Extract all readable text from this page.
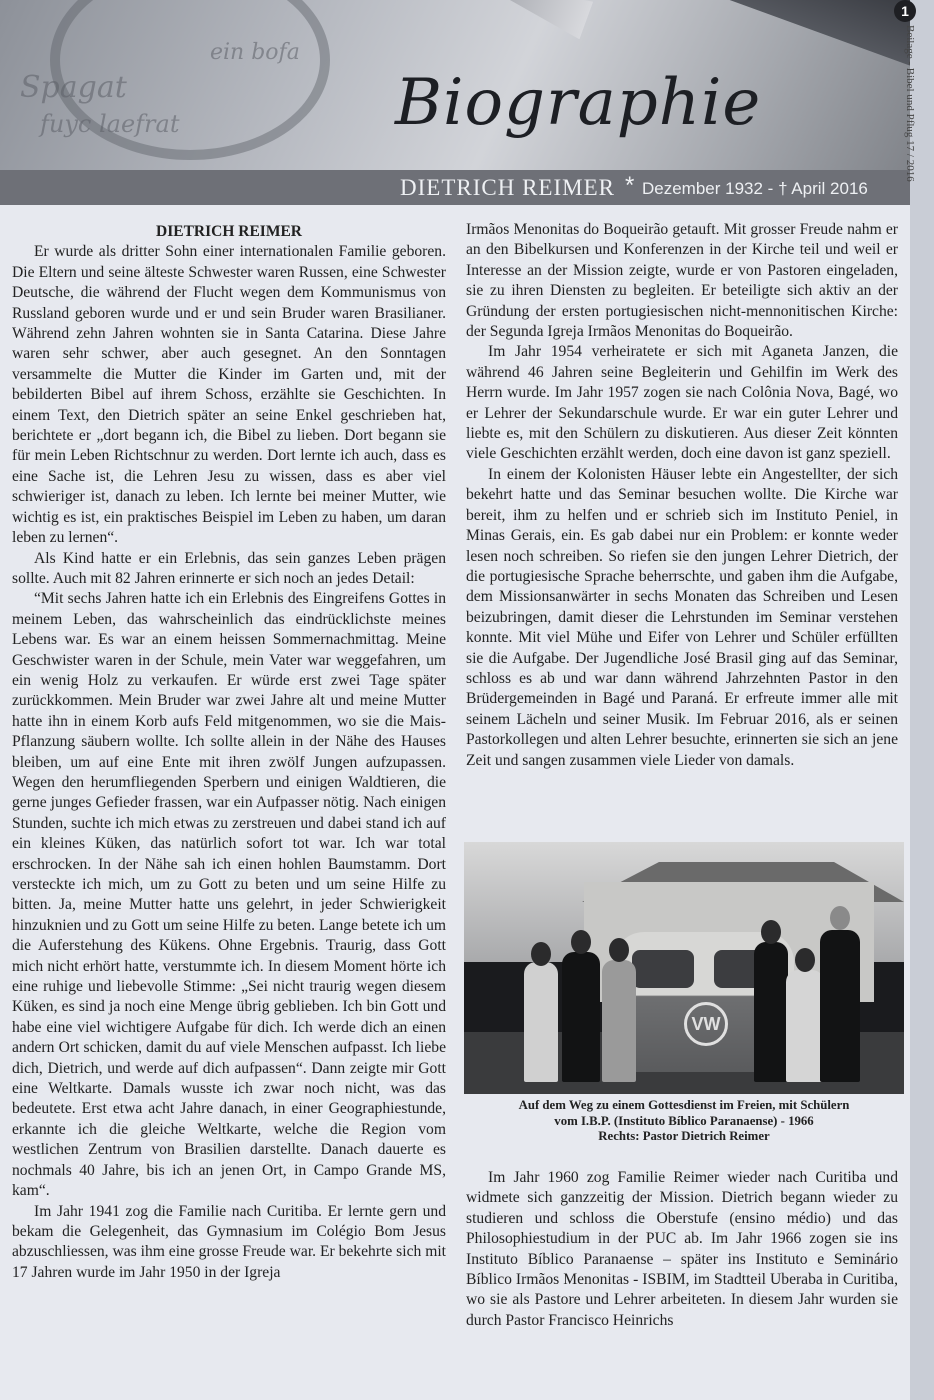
Spagat
fuyc laefrat
ein bofa
Biographie
DIETRICH REIMER * Dezember 1932 - † April 2016
DIETRICH REIMER

Er wurde als dritter Sohn einer internationalen Familie geboren. Die Eltern und seine älteste Schwester waren Russen, eine Schwester Deutsche, die während der Flucht wegen dem Kommunismus von Russland geboren wurde und er und sein Bruder waren Brasilianer. Während zehn Jahren wohnten sie in Santa Catarina. Diese Jahre waren sehr schwer, aber auch gesegnet. An den Sonntagen versammelte die Mutter die Kinder im Garten und, mit der bebilderten Bibel auf ihrem Schoss, erzählte sie Geschichten. In einem Text, den Dietrich später an seine Enkel geschrieben hat, berichtete er „dort begann ich, die Bibel zu lieben. Dort begann sie für mein Leben Richtschnur zu werden. Dort lernte ich auch, dass es eine Sache ist, die Lehren Jesu zu wissen, dass es aber viel schwieriger ist, danach zu leben. Ich lernte bei meiner Mutter, wie wichtig es ist, ein praktisches Beispiel im Leben zu haben, um daran leben zu lernen“.

Als Kind hatte er ein Erlebnis, das sein ganzes Leben prägen sollte. Auch mit 82 Jahren erinnerte er sich noch an jedes Detail:

“Mit sechs Jahren hatte ich ein Erlebnis des Eingreifens Gottes in meinem Leben, das wahrscheinlich das eindrücklichste meines Lebens war. Es war an einem heissen Sommernachmittag. Meine Geschwister waren in der Schule, mein Vater war weggefahren, um ein wenig Holz zu verkaufen. Er würde erst zwei Tage später zurückkommen. Mein Bruder war zwei Jahre alt und meine Mutter hatte ihn in einem Korb aufs Feld mitgenommen, wo sie die Mais-Pflanzung säubern wollte. Ich sollte allein in der Nähe des Hauses bleiben, um auf eine Ente mit ihren zwölf Jungen aufzupassen. Wegen den herumfliegenden Sperbern und einigen Waldtieren, die gerne junges Gefieder frassen, war ein Aufpasser nötig. Nach einigen Stunden, suchte ich mich etwas zu zerstreuen und dabei stand ich auf ein kleines Küken, das natürlich sofort tot war. Ich war total erschrocken. In der Nähe sah ich einen hohlen Baumstamm. Dort versteckte ich mich, um zu Gott zu beten und um seine Hilfe zu bitten. Ja, meine Mutter hatte uns gelehrt, in jeder Schwierigkeit hinzuknien und zu Gott um seine Hilfe zu beten. Lange betete ich um die Auferstehung des Kükens. Ohne Ergebnis. Traurig, dass Gott mich nicht erhört hatte, verstummte ich. In diesem Moment hörte ich eine ruhige und liebevolle Stimme: „Sei nicht traurig wegen diesem Küken, es sind ja noch eine Menge übrig geblieben. Ich bin Gott und habe eine viel wichtigere Aufgabe für dich. Ich werde dich an einen andern Ort schicken, damit du auf viele Menschen aufpasst. Ich liebe dich, Dietrich, und werde auf dich aufpassen“. Dann zeigte mir Gott eine Weltkarte. Damals wusste ich zwar noch nicht, was das bedeutete. Erst etwa acht Jahre danach, in einer Geographiestunde, erkannte ich die gleiche Weltkarte, welche die Region vom westlichen Zentrum von Brasilien darstellte. Danach dauerte es nochmals 40 Jahre, bis ich an jenen Ort, in Campo Grande MS, kam“.

Im Jahr 1941 zog die Familie nach Curitiba. Er lernte gern und bekam die Gelegenheit, das Gymnasium im Colégio Bom Jesus abzuschliessen, was ihm eine grosse Freude war. Er bekehrte sich mit 17 Jahren wurde im Jahr 1950 in der Igreja

Irmãos Menonitas do Boqueirão getauft. Mit grosser Freude nahm er an den Bibelkursen und Konferenzen in der Kirche teil und weil er Interesse an der Mission zeigte, wurde er von Pastoren eingeladen, sie zu ihren Diensten zu begleiten. Er beteiligte sich aktiv an der Gründung der ersten portugiesischen nicht-mennonitischen Kirche: der Segunda Igreja Irmãos Menonitas do Boqueirão.

Im Jahr 1954 verheiratete er sich mit Aganeta Janzen, die während 46 Jahren seine Begleiterin und Gehilfin im Werk des Herrn wurde. Im Jahr 1957 zogen sie nach Colônia Nova, Bagé, wo er Lehrer der Sekundarschule wurde. Er war ein guter Lehrer und liebte es, mit den Schülern zu diskutieren. Aus dieser Zeit könnten viele Geschichten erzählt werden, doch eine davon ist ganz speziell.

In einem der Kolonisten Häuser lebte ein Angestellter, der sich bekehrt hatte und das Seminar besuchen wollte. Die Kirche war bereit, ihm zu helfen und er schrieb sich im Instituto Peniel, in Minas Gerais, ein. Es gab dabei nur ein Problem: er konnte weder lesen noch schreiben. So riefen sie den jungen Lehrer Dietrich, der die portugiesische Sprache beherrschte, und gaben ihm die Aufgabe, dem Missionsanwärter in sechs Monaten das Schreiben und Lesen beizubringen, damit dieser die Lehrstunden im Seminar verstehen konnte. Mit viel Mühe und Eifer von Lehrer und Schüler erfüllten sie die Aufgabe. Der Jugendliche José Brasil ging auf das Seminar, schloss es ab und war dann während Jahrzehnten Pastor in den Brüdergemeinden in Bagé und Paraná. Er erfreute immer alle mit seinem Lächeln und seiner Musik. Im Februar 2016, als er seinen Pastorkollegen und alten Lehrer besuchte, erinnerten sie sich an jene Zeit und sangen zusammen viele Lieder von damals.

VW
Auf dem Weg zu einem Gottesdienst im Freien, mit Schülern
vom I.B.P. (Instituto Bíblico Paranaense) - 1966
Rechts: Pastor Dietrich Reimer

Im Jahr 1960 zog Familie Reimer wieder nach Curitiba und widmete sich ganzzeitig der Mission. Dietrich begann wieder zu studieren und schloss die Oberstufe (ensino médio) und das Philosophiestudium in der PUC ab. Im Jahr 1966 zogen sie ins Instituto Bíblico Paranaense – später ins Instituto e Seminário Bíblico Irmãos Menonitas - ISBIM, im Stadtteil Uberaba in Curitiba, wo sie als Pastore und Lehrer arbeiteten. In diesem Jahr wurden sie durch Pastor Francisco Heinrichs

1
Beilage - Bibel und Pflug 17 / 2016
